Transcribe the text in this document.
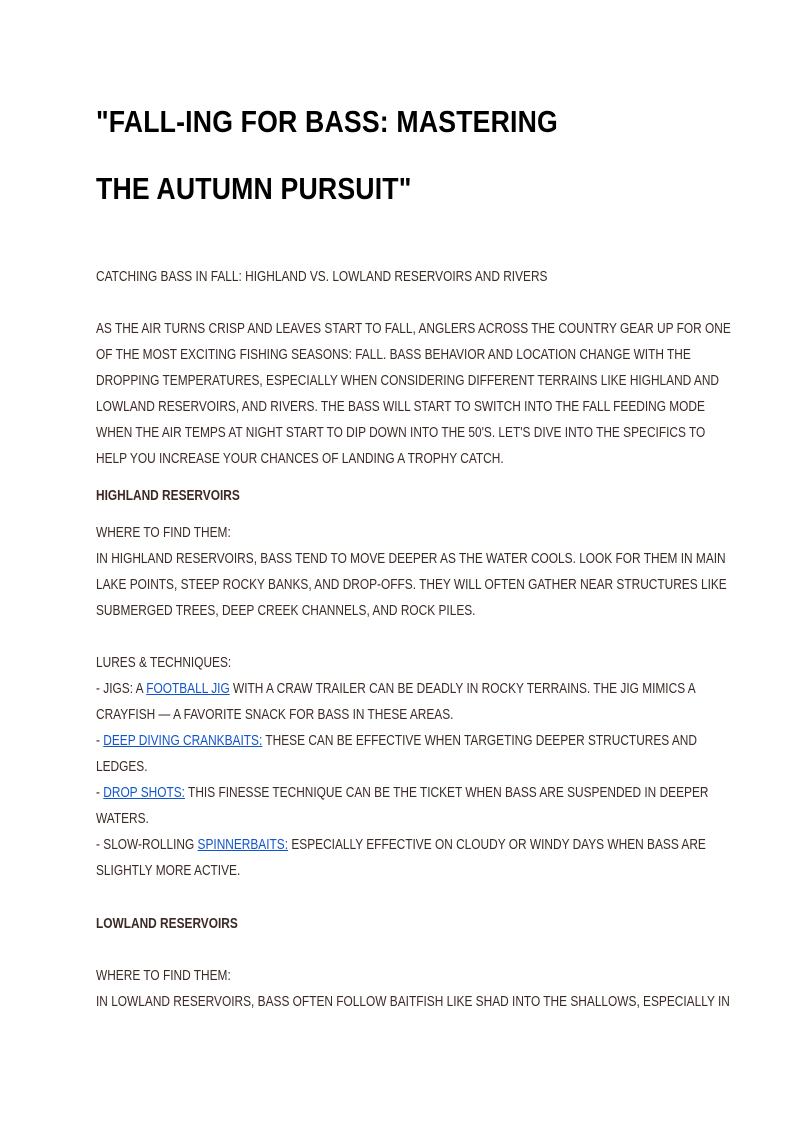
"FALL-ING FOR BASS: MASTERING THE AUTUMN PURSUIT"
CATCHING BASS IN FALL: HIGHLAND VS. LOWLAND RESERVOIRS AND RIVERS
AS THE AIR TURNS CRISP AND LEAVES START TO FALL, ANGLERS ACROSS THE COUNTRY GEAR UP FOR ONE
OF THE MOST EXCITING FISHING SEASONS: FALL. BASS BEHAVIOR AND LOCATION CHANGE WITH THE
DROPPING TEMPERATURES, ESPECIALLY WHEN CONSIDERING DIFFERENT TERRAINS LIKE HIGHLAND AND
LOWLAND RESERVOIRS, AND RIVERS. THE BASS WILL START TO SWITCH INTO THE FALL FEEDING MODE
WHEN THE AIR TEMPS AT NIGHT START TO DIP DOWN INTO THE 50'S. LET'S DIVE INTO THE SPECIFICS TO
HELP YOU INCREASE YOUR CHANCES OF LANDING A TROPHY CATCH.
HIGHLAND RESERVOIRS
WHERE TO FIND THEM:
IN HIGHLAND RESERVOIRS, BASS TEND TO MOVE DEEPER AS THE WATER COOLS. LOOK FOR THEM IN MAIN
LAKE POINTS, STEEP ROCKY BANKS, AND DROP-OFFS. THEY WILL OFTEN GATHER NEAR STRUCTURES LIKE
SUBMERGED TREES, DEEP CREEK CHANNELS, AND ROCK PILES.
LURES & TECHNIQUES:
- JIGS: A FOOTBALL JIG WITH A CRAW TRAILER CAN BE DEADLY IN ROCKY TERRAINS. THE JIG MIMICS A
CRAYFISH — A FAVORITE SNACK FOR BASS IN THESE AREAS.
- DEEP DIVING CRANKBAITS: THESE CAN BE EFFECTIVE WHEN TARGETING DEEPER STRUCTURES AND
LEDGES.
- DROP SHOTS: THIS FINESSE TECHNIQUE CAN BE THE TICKET WHEN BASS ARE SUSPENDED IN DEEPER
WATERS.
- SLOW-ROLLING SPINNERBAITS: ESPECIALLY EFFECTIVE ON CLOUDY OR WINDY DAYS WHEN BASS ARE
SLIGHTLY MORE ACTIVE.
LOWLAND RESERVOIRS
WHERE TO FIND THEM:
IN LOWLAND RESERVOIRS, BASS OFTEN FOLLOW BAITFISH LIKE SHAD INTO THE SHALLOWS, ESPECIALLY IN
